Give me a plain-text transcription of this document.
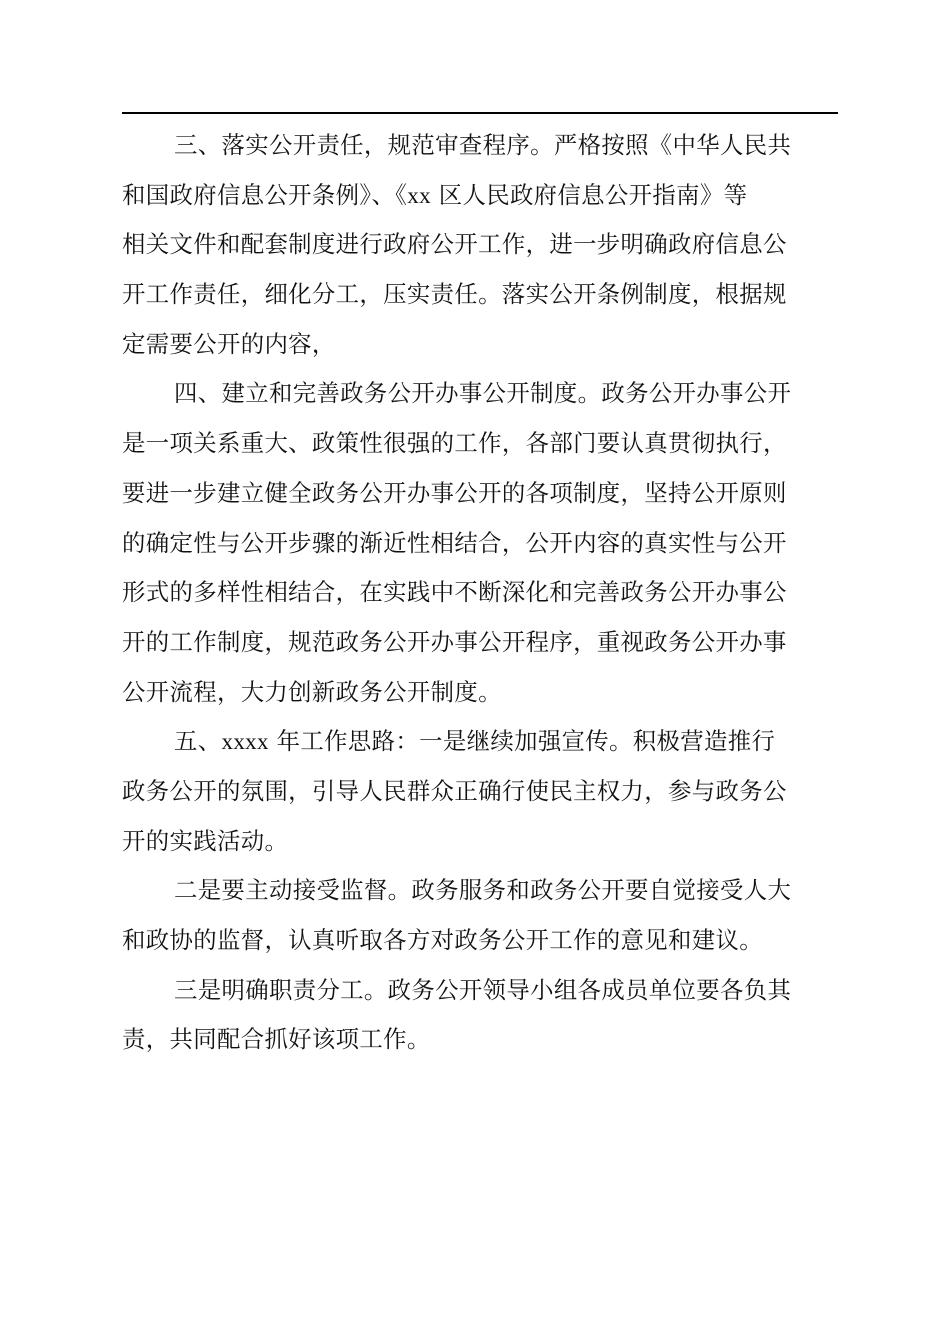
三、落实公开责任，规范审查程序。严格按照《中华人民共
和国政府信息公开条例》、《xx 区人民政府信息公开指南》等
相关文件和配套制度进行政府公开工作，进一步明确政府信息公
开工作责任，细化分工，压实责任。落实公开条例制度，根据规
定需要公开的内容，
四、建立和完善政务公开办事公开制度。政务公开办事公开
是一项关系重大、政策性很强的工作，各部门要认真贯彻执行，
要进一步建立健全政务公开办事公开的各项制度，坚持公开原则
的确定性与公开步骤的渐近性相结合，公开内容的真实性与公开
形式的多样性相结合，在实践中不断深化和完善政务公开办事公
开的工作制度，规范政务公开办事公开程序，重视政务公开办事
公开流程，大力创新政务公开制度。
五、xxxx 年工作思路：一是继续加强宣传。积极营造推行
政务公开的氛围，引导人民群众正确行使民主权力，参与政务公
开的实践活动。
二是要主动接受监督。政务服务和政务公开要自觉接受人大
和政协的监督，认真听取各方对政务公开工作的意见和建议。
三是明确职责分工。政务公开领导小组各成员单位要各负其
责，共同配合抓好该项工作。
